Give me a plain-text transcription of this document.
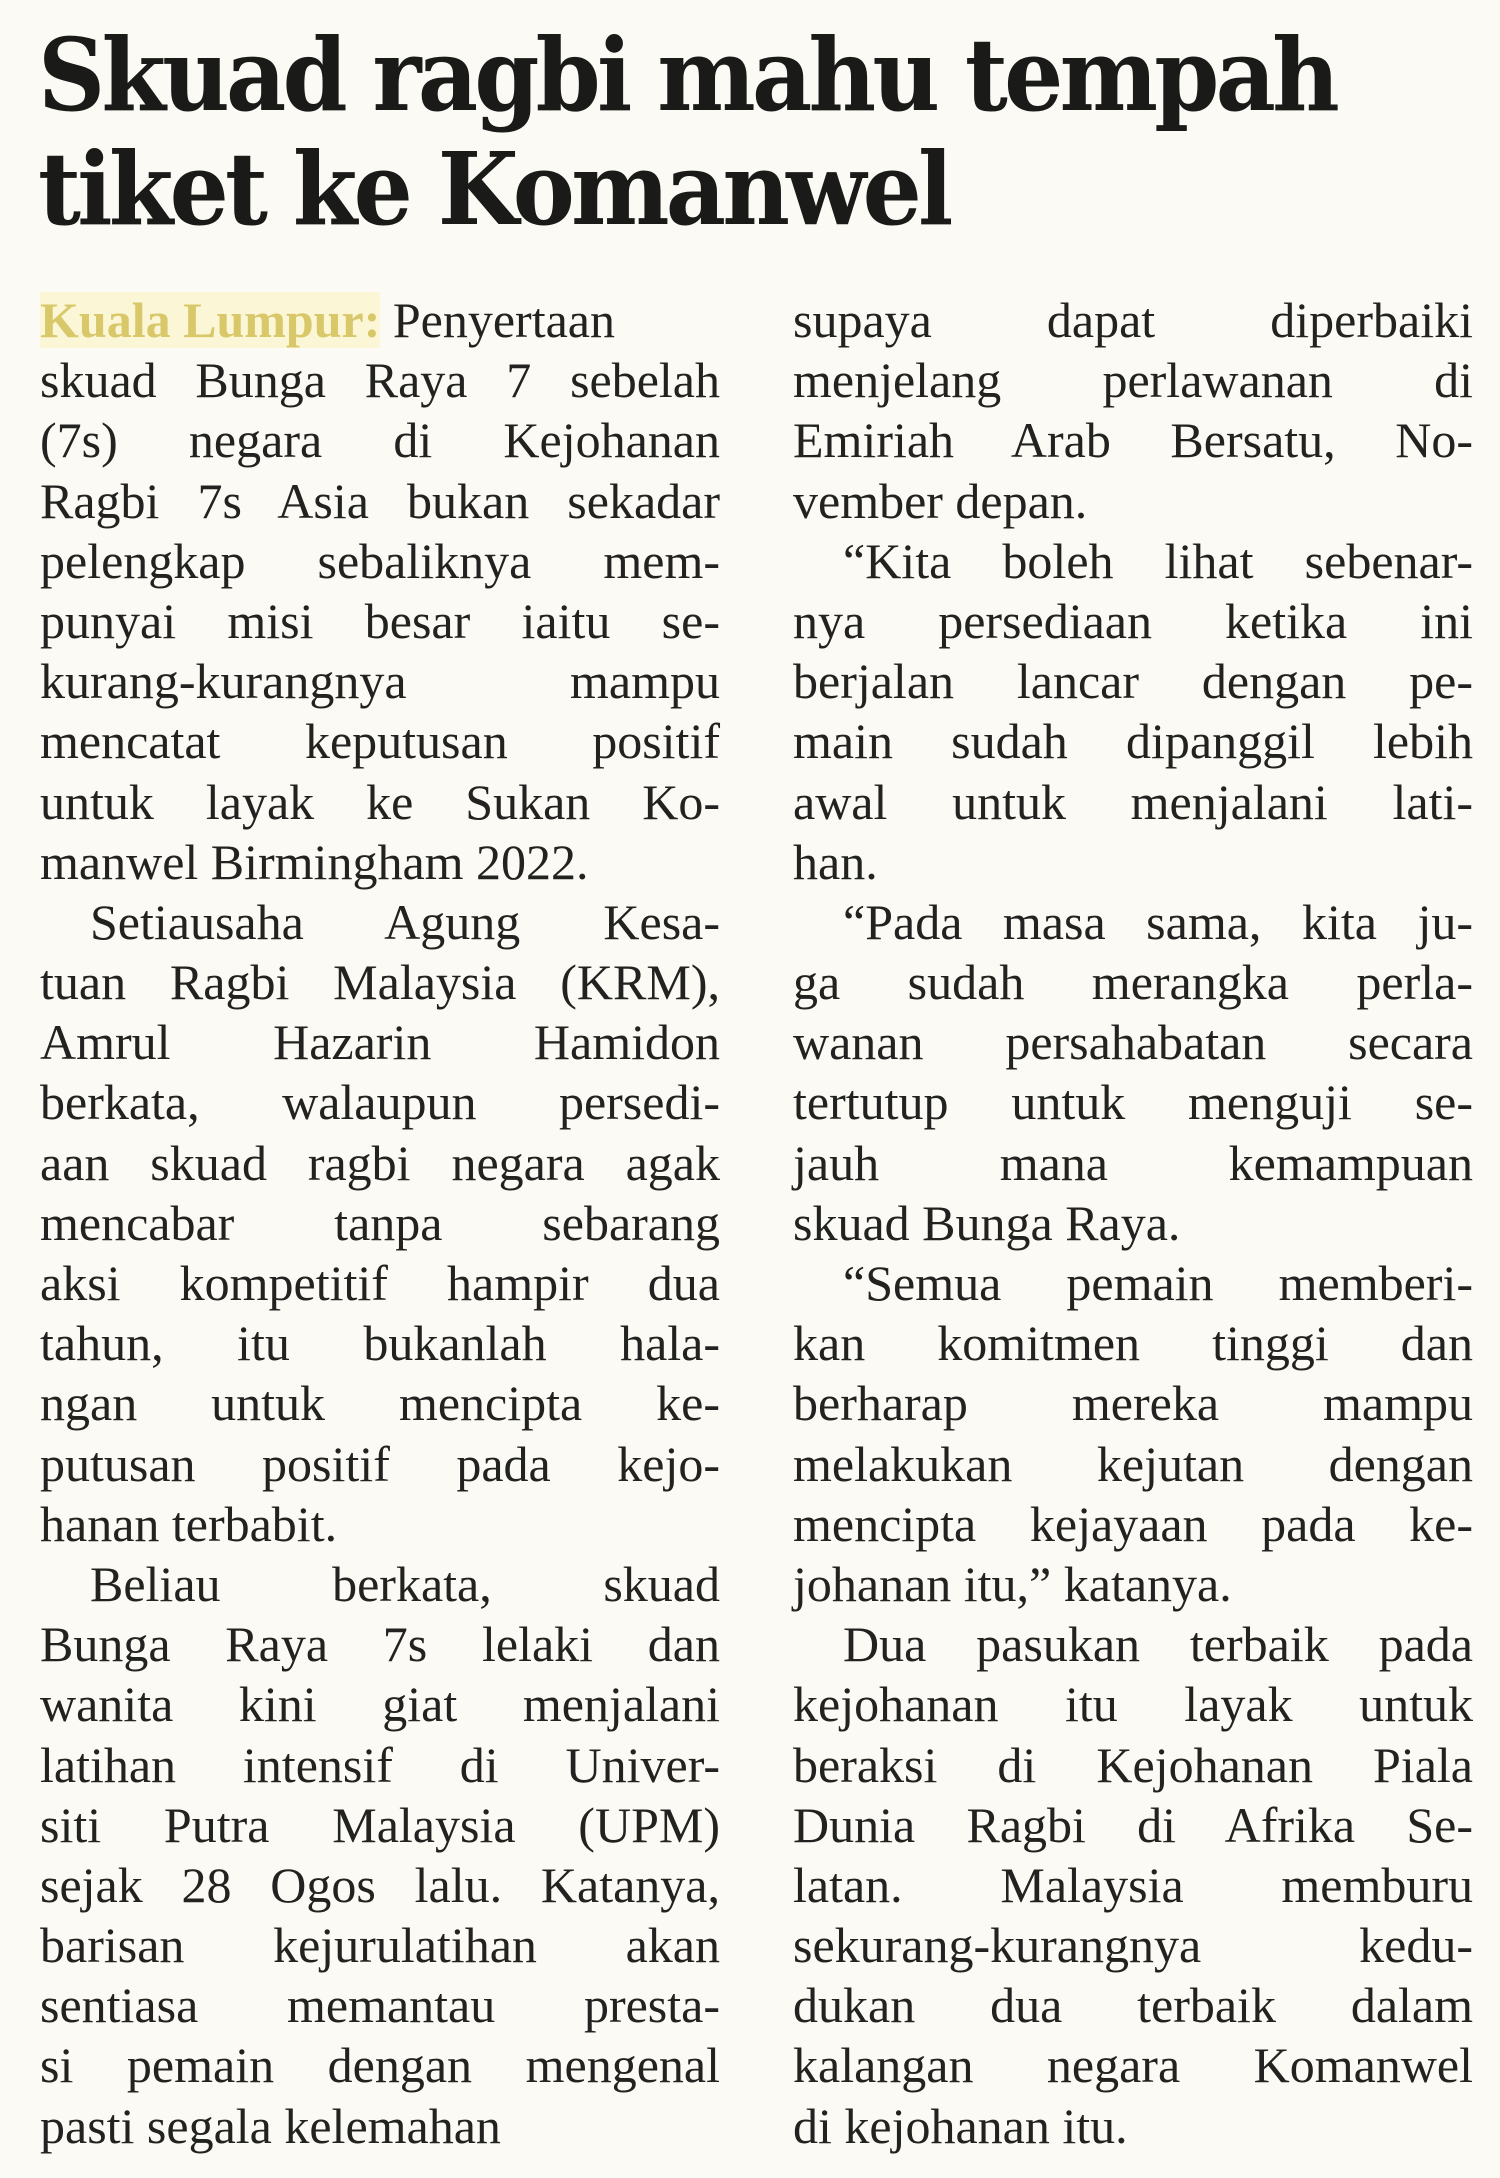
Skuad ragbi mahu tempah
tiket ke Komanwel

Kuala Lumpur: Penyertaan
skuad Bunga Raya 7 sebelah
(7s) negara di Kejohanan
Ragbi 7s Asia bukan sekadar
pelengkap sebaliknya mem-
punyai misi besar iaitu se-
kurang-kurangnya mampu
mencatat keputusan positif
untuk layak ke Sukan Ko-
manwel Birmingham 2022.

Setiausaha Agung Kesa-
tuan Ragbi Malaysia (KRM),
Amrul Hazarin Hamidon
berkata, walaupun persedi-
aan skuad ragbi negara agak
mencabar tanpa sebarang
aksi kompetitif hampir dua
tahun, itu bukanlah hala-
ngan untuk mencipta ke-
putusan positif pada kejo-
hanan terbabit.

Beliau berkata, skuad
Bunga Raya 7s lelaki dan
wanita kini giat menjalani
latihan intensif di Univer-
siti Putra Malaysia (UPM)
sejak 28 Ogos lalu. Katanya,
barisan kejurulatihan akan
sentiasa memantau presta-
si pemain dengan mengenal
pasti segala kelemahan

supaya dapat diperbaiki
menjelang perlawanan di
Emiriah Arab Bersatu, No-
vember depan.

“Kita boleh lihat sebenar-
nya persediaan ketika ini
berjalan lancar dengan pe-
main sudah dipanggil lebih
awal untuk menjalani lati-
han.

“Pada masa sama, kita ju-
ga sudah merangka perla-
wanan persahabatan secara
tertutup untuk menguji se-
jauh mana kemampuan
skuad Bunga Raya.

“Semua pemain memberi-
kan komitmen tinggi dan
berharap mereka mampu
melakukan kejutan dengan
mencipta kejayaan pada ke-
johanan itu,” katanya.

Dua pasukan terbaik pada
kejohanan itu layak untuk
beraksi di Kejohanan Piala
Dunia Ragbi di Afrika Se-
latan. Malaysia memburu
sekurang-kurangnya kedu-
dukan dua terbaik dalam
kalangan negara Komanwel
di kejohanan itu.
